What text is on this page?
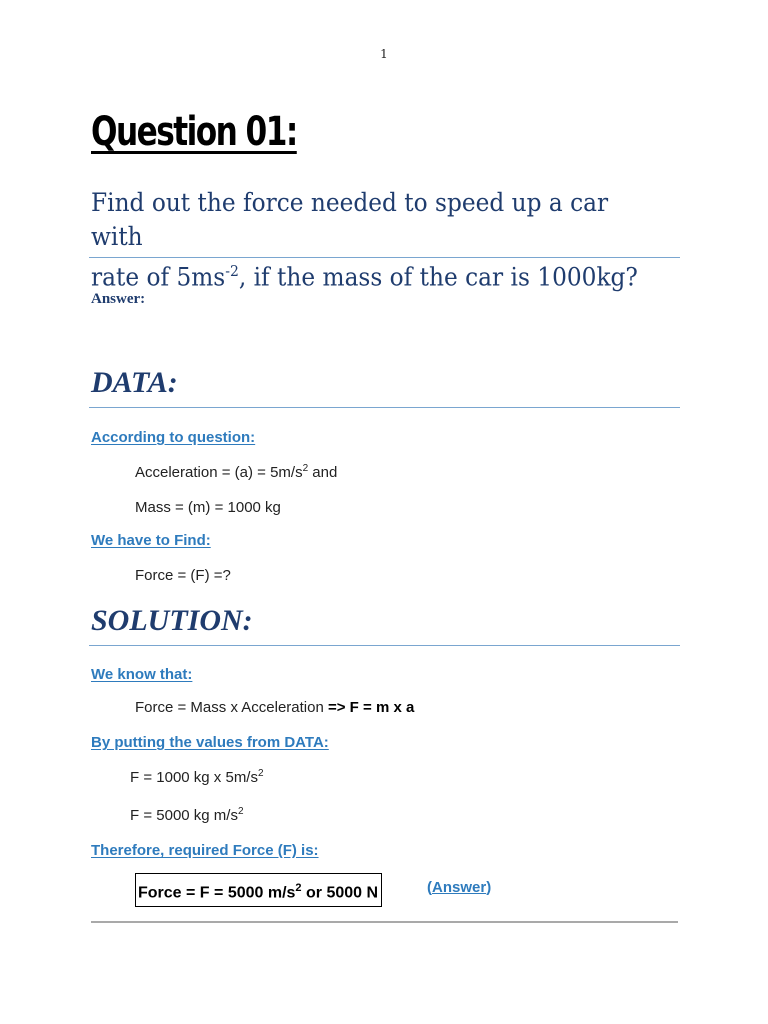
1
Question 01:
Find out the force needed to speed up a car with
rate of $5ms^{-2}$, if the mass of the car is 1000kg?
Answer:
DATA:
According to question:
Acceleration = $(a) = 5m/s^2$ and
Mass = (m) = 1000 kg
We have to Find:
Force = (F) =?
SOLUTION:
We know that:
Force = Mass x Acceleration => F = m x a
By putting the values from DATA:
F = 1000 kg x $5m/s^2$
F = 5000 kg $m/s^2$
Therefore, required Force (F) is:
Force = F = 5000 $m/s^2$ or 5000 N	(Answer)
